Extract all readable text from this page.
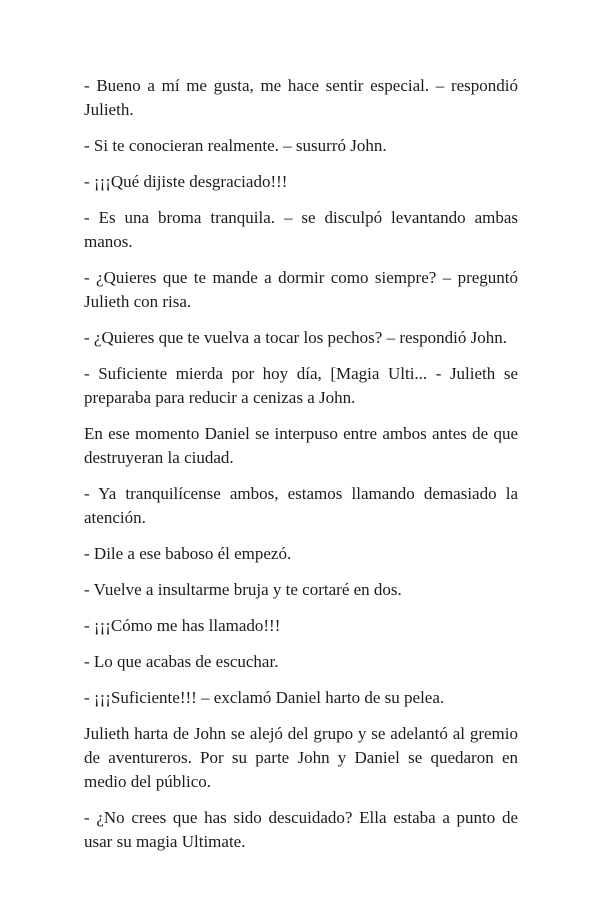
- Bueno a mí me gusta, me hace sentir especial. – respondió Julieth.

- Si te conocieran realmente. – susurró John.

- ¡¡¡Qué dijiste desgraciado!!!

- Es una broma tranquila. – se disculpó levantando ambas manos.

- ¿Quieres que te mande a dormir como siempre? – preguntó Julieth con risa.

- ¿Quieres que te vuelva a tocar los pechos? – respondió John.

- Suficiente mierda por hoy día, [Magia Ulti... - Julieth se preparaba para reducir a cenizas a John.

En ese momento Daniel se interpuso entre ambos antes de que destruyeran la ciudad.

- Ya tranquilícense ambos, estamos llamando demasiado la atención.

- Dile a ese baboso él empezó.

- Vuelve a insultarme bruja y te cortaré en dos.

- ¡¡¡Cómo me has llamado!!!

- Lo que acabas de escuchar.

- ¡¡¡Suficiente!!! – exclamó Daniel harto de su pelea.

Julieth harta de John se alejó del grupo y se adelantó al gremio de aventureros. Por su parte John y Daniel se quedaron en medio del público.

- ¿No crees que has sido descuidado? Ella estaba a punto de usar su magia Ultimate.
